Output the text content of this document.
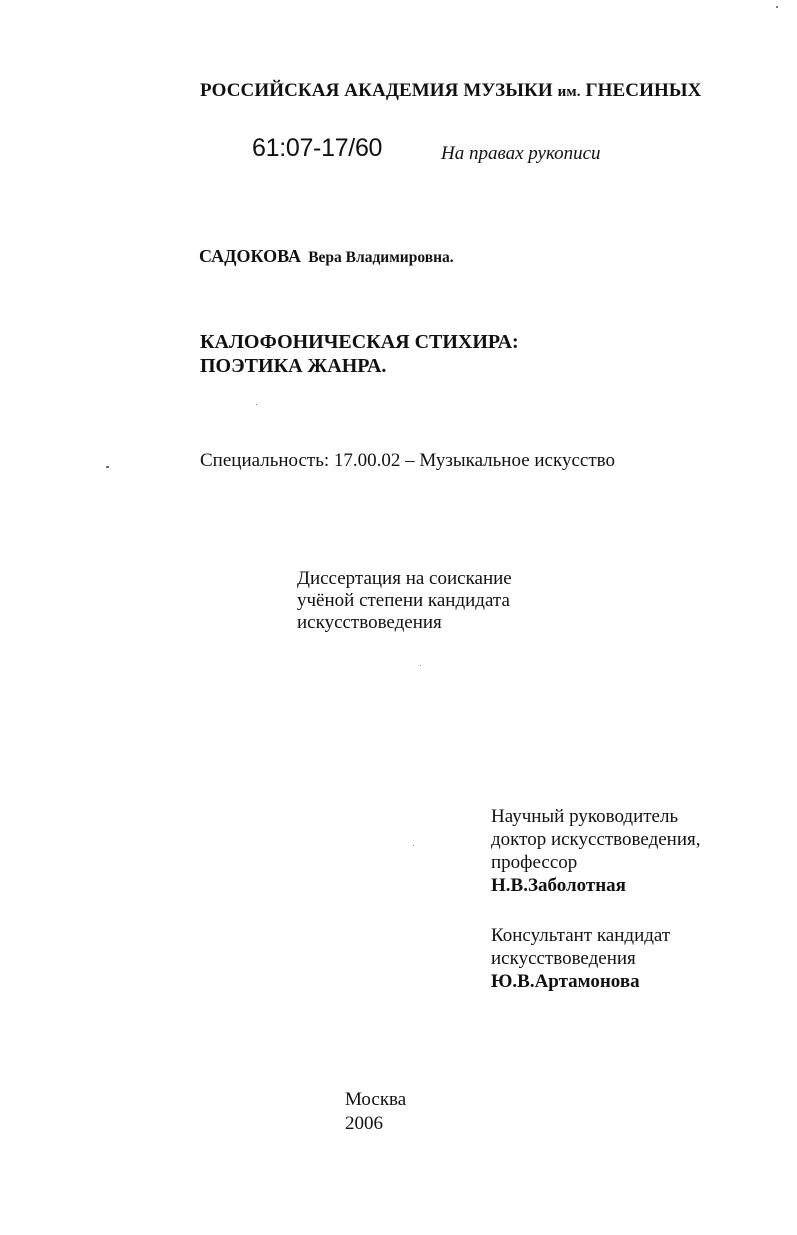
РОССИЙСКАЯ АКАДЕМИЯ МУЗЫКИ им. ГНЕСИНЫХ
61:07-17/60	На правах рукописи
САДОКОВА Вера Владимировна.
КАЛОФОНИЧЕСКАЯ СТИХИРА:
ПОЭТИКА ЖАНРА.
Специальность: 17.00.02 – Музыкальное искусство
Диссертация на соискание
учёной степени кандидата
искусствоведения
Научный руководитель
доктор искусствоведения,
профессор
Н.В.Заболотная
Консультант кандидат
искусствоведения
Ю.В.Артамонова
Москва
2006
